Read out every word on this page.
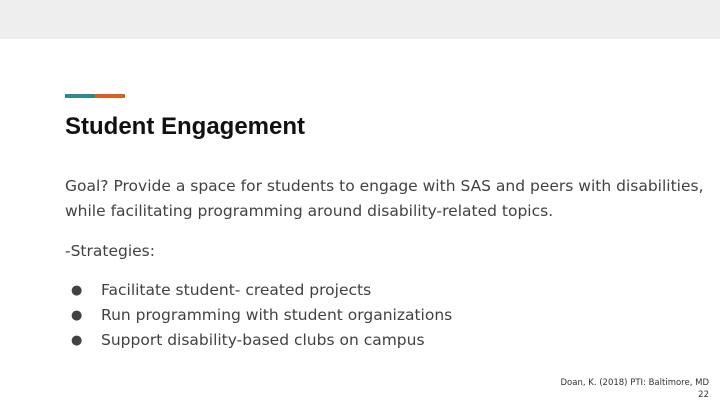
Student Engagement
Goal? Provide a space for students to engage with SAS and peers with disabilities, while facilitating programming around disability-related topics.
-Strategies:
● Facilitate student- created projects
● Run programming with student organizations
● Support disability-based clubs on campus
Doan, K. (2018) PTI: Baltimore, MD
22
